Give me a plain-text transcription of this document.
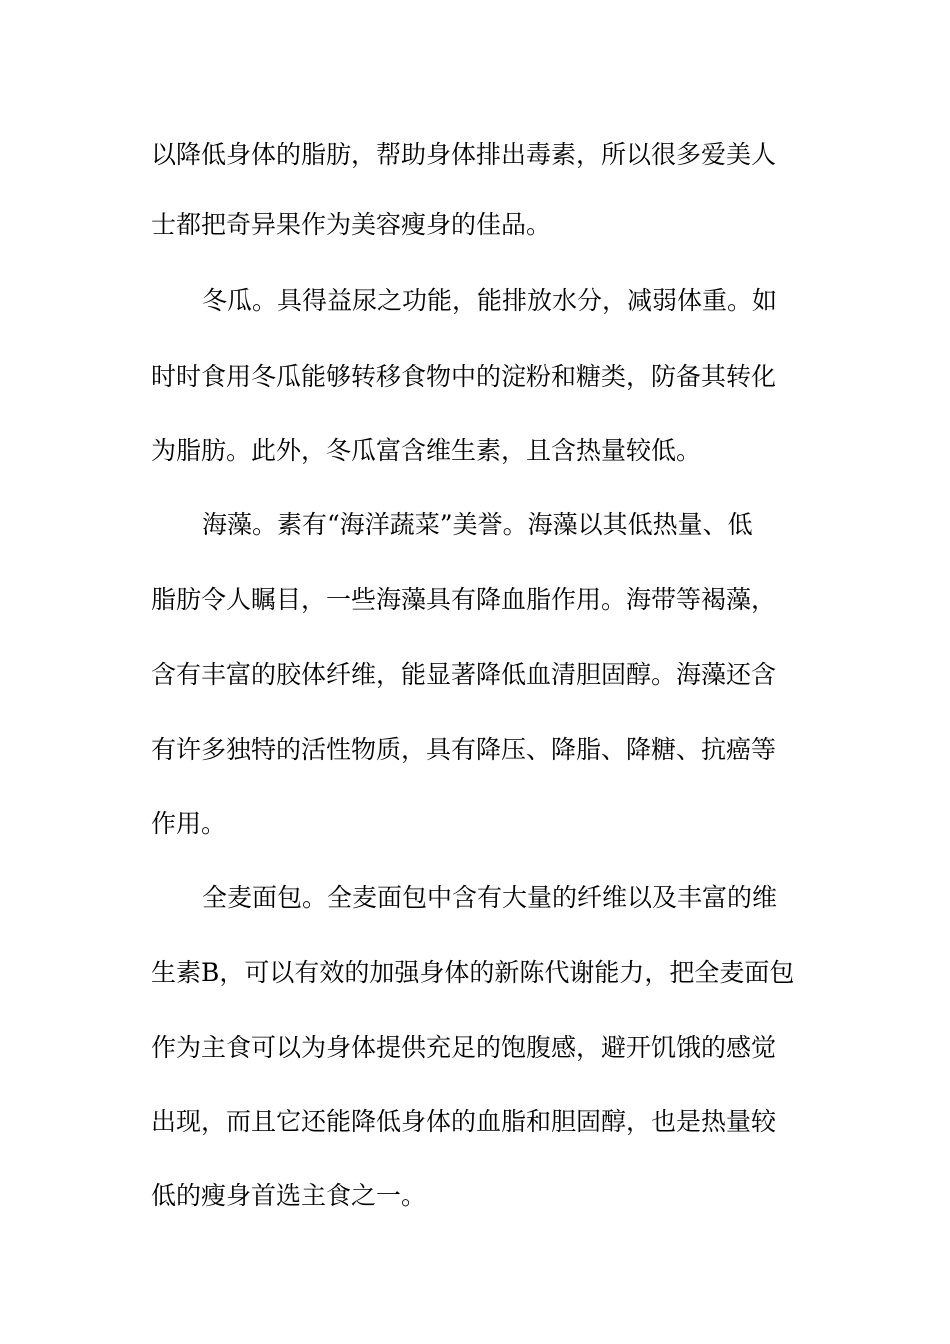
以降低身体的脂肪，帮助身体排出毒素，所以很多爱美人
士都把奇异果作为美容瘦身的佳品。
冬瓜。具得益尿之功能，能排放水分，减弱体重。如
时时食用冬瓜能够转移食物中的淀粉和糖类，防备其转化
为脂肪。此外，冬瓜富含维生素，且含热量较低。
海藻。素有“海洋蔬菜”美誉。海藻以其低热量、低
脂肪令人瞩目，一些海藻具有降血脂作用。海带等褐藻，
含有丰富的胶体纤维，能显著降低血清胆固醇。海藻还含
有许多独特的活性物质，具有降压、降脂、降糖、抗癌等
作用。
全麦面包。全麦面包中含有大量的纤维以及丰富的维
生素B，可以有效的加强身体的新陈代谢能力，把全麦面包
作为主食可以为身体提供充足的饱腹感，避开饥饿的感觉
出现，而且它还能降低身体的血脂和胆固醇，也是热量较
低的瘦身首选主食之一。
